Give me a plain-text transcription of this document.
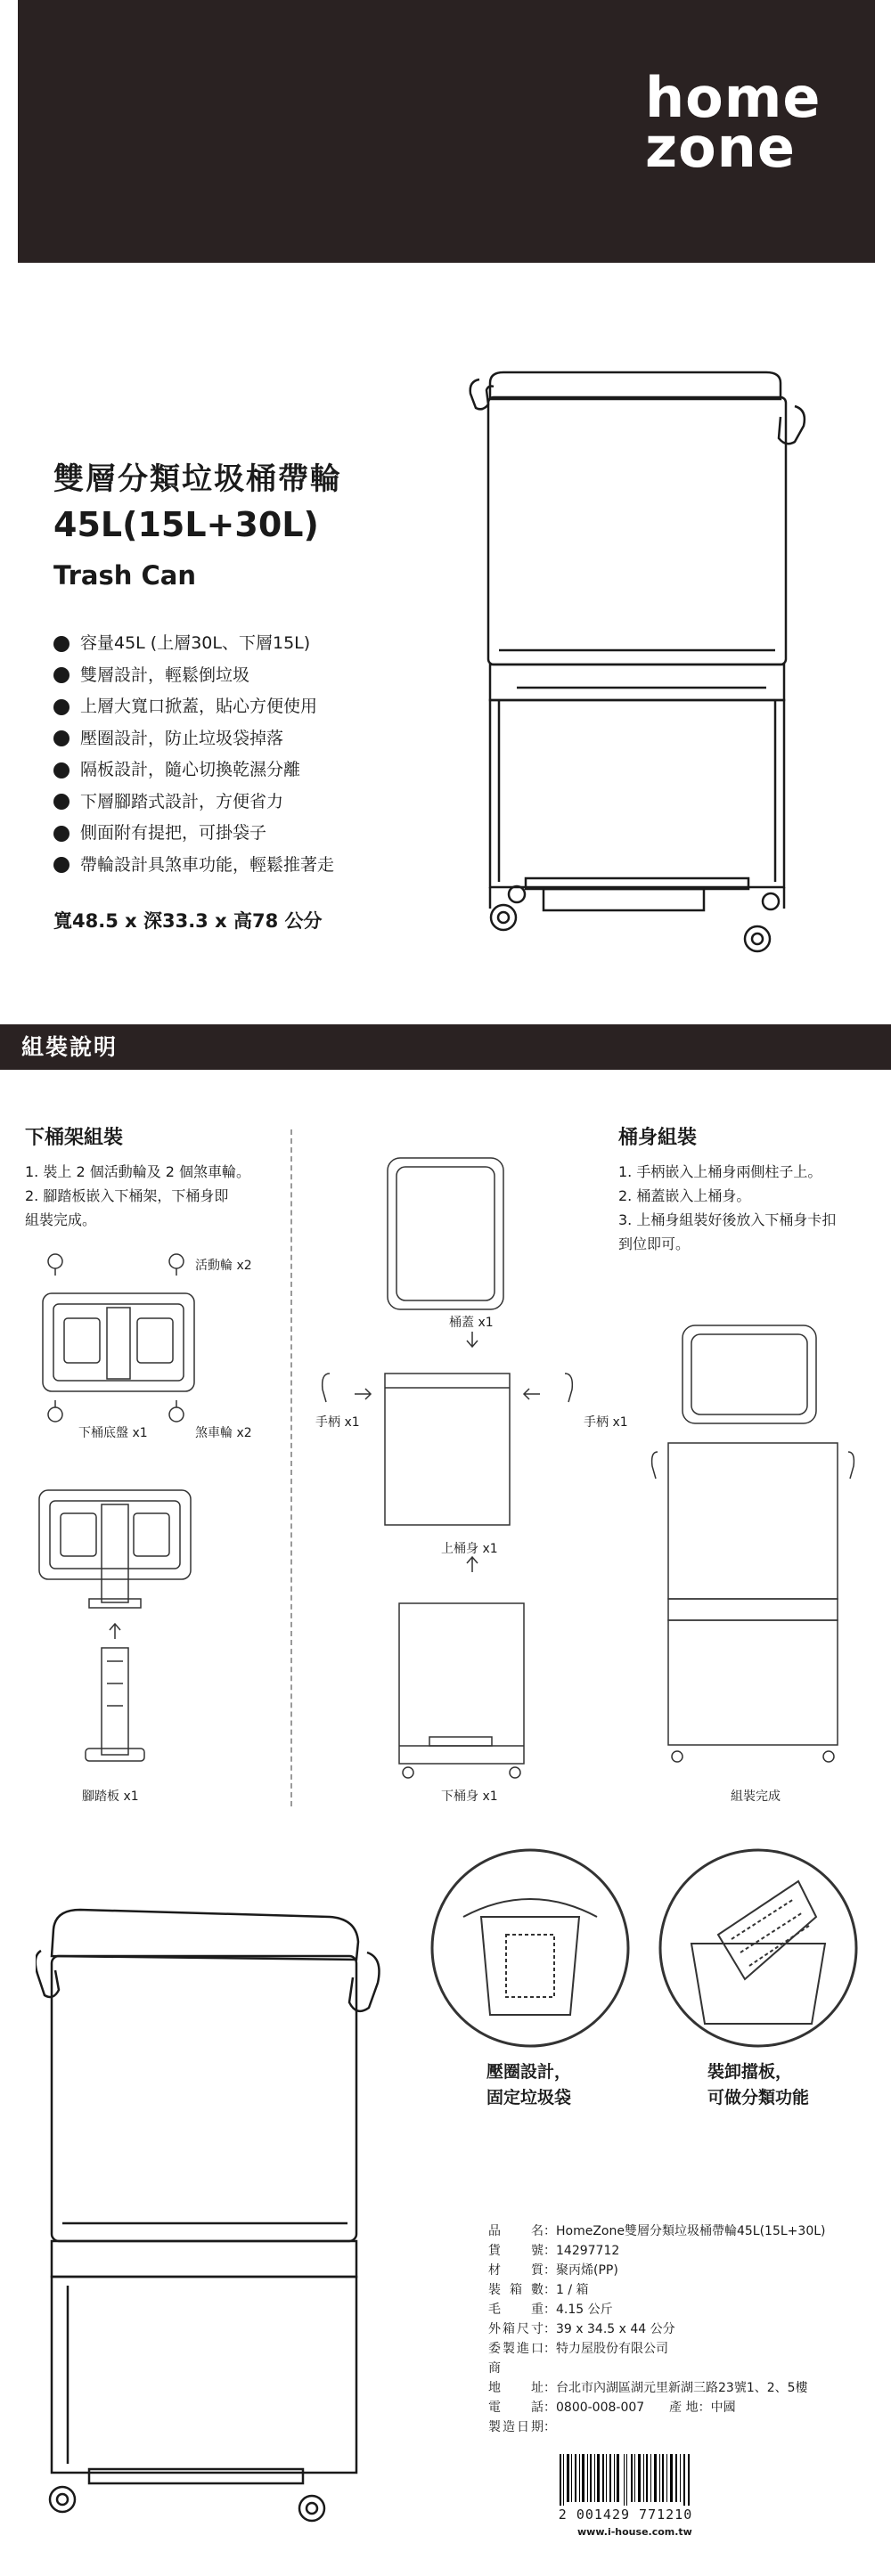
home
zone
雙層分類垃圾桶帶輪
45L(15L+30L)
Trash Can
容量45L (上層30L、下層15L)
雙層設計，輕鬆倒垃圾
上層大寬口掀蓋，貼心方便使用
壓圈設計，防止垃圾袋掉落
隔板設計，隨心切換乾濕分離
下層腳踏式設計，方便省力
側面附有提把，可掛袋子
帶輪設計具煞車功能，輕鬆推著走
寬48.5 x 深33.3 x 高78 公分
組裝說明
下桶架組裝
1. 裝上 2 個活動輪及 2 個煞車輪。
2. 腳踏板嵌入下桶架，下桶身即
組裝完成。
活動輪 x2
下桶底盤 x1	煞車輪 x2
腳踏板 x1
桶身組裝
1. 手柄嵌入上桶身兩側柱子上。
2. 桶蓋嵌入上桶身。
3. 上桶身組裝好後放入下桶身卡扣
到位即可。
桶蓋 x1
手柄 x1	手柄 x1
上桶身 x1
下桶身 x1	組裝完成
壓圈設計，
固定垃圾袋
裝卸擋板，
可做分類功能
品名 ： HomeZone雙層分類垃圾桶帶輪45L(15L+30L)
貨號 ： 14297712
材質 ： 聚丙烯(PP)
裝箱數 ： 1 / 箱
毛重 ： 4.15 公斤
外箱尺寸 ： 39 x 34.5 x 44 公分
委製進口商
： 特力屋股份有限公司
地址 ： 台北市內湖區湖元里新湖三路23號1、2、5樓
電話 ： 0800-008-007　　產 地：中國
製造日期 ：
2 001429 771210
www.i-house.com.tw
